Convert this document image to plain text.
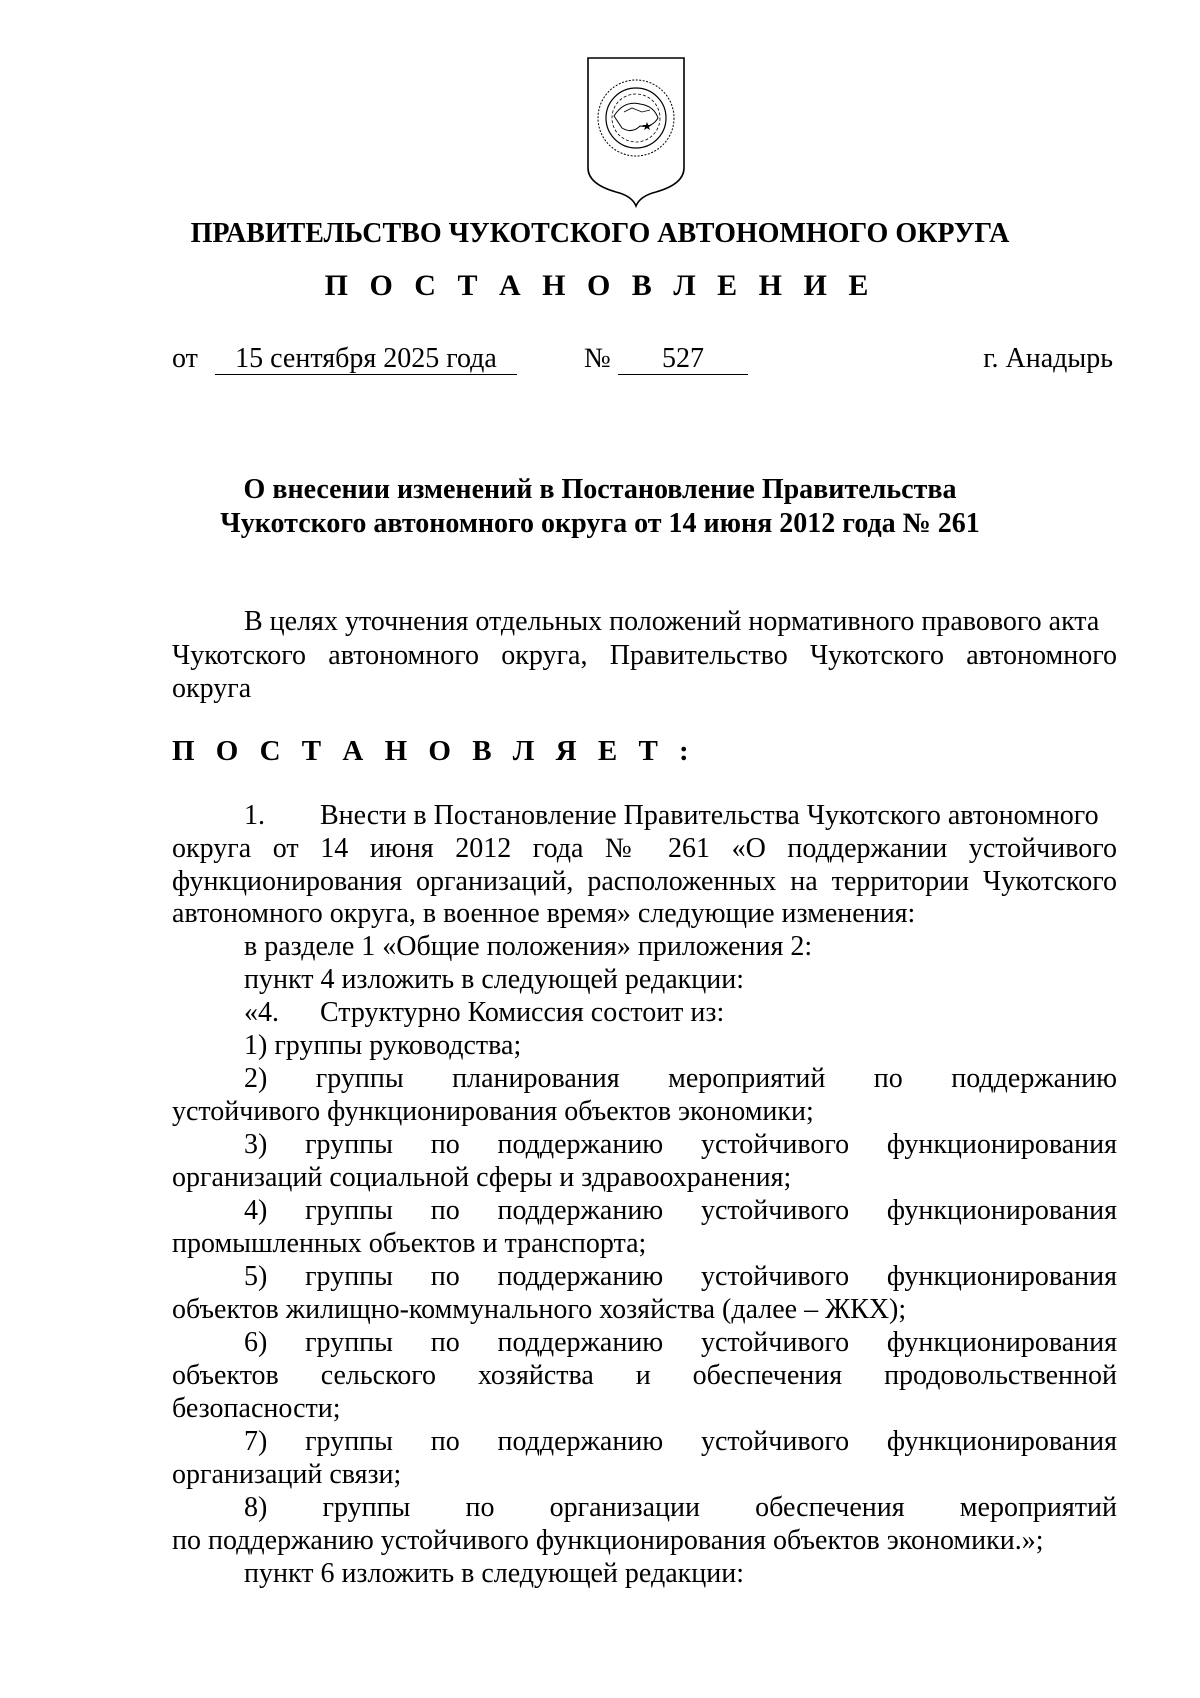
ПРАВИТЕЛЬСТВО ЧУКОТСКОГО АВТОНОМНОГО ОКРУГА
П О С Т А Н О В Л Е Н И Е
от	15 сентября 2025 года	№	527	г. Анадырь
О внесении изменений в Постановление Правительства
Чукотского автономного округа от 14 июня 2012 года № 261
В целях уточнения отдельных положений нормативного правового акта
Чукотского автономного округа, Правительство Чукотского автономного
округа
П О С Т А Н О В Л Я Е Т :
1. Внести в Постановление Правительства Чукотского автономного
округа от 14 июня 2012 года № 261 «О поддержании устойчивого
функционирования организаций, расположенных на территории Чукотского
автономного округа, в военное время» следующие изменения:
в разделе 1 «Общие положения» приложения 2:
пункт 4 изложить в следующей редакции:
«4. Структурно Комиссия состоит из:
1) группы руководства;
2) группы планирования мероприятий по поддержанию
устойчивого функционирования объектов экономики;
3) группы по поддержанию устойчивого функционирования
организаций социальной сферы и здравоохранения;
4) группы по поддержанию устойчивого функционирования
промышленных объектов и транспорта;
5) группы по поддержанию устойчивого функционирования
объектов жилищно-коммунального хозяйства (далее – ЖКХ);
6) группы по поддержанию устойчивого функционирования
объектов сельского хозяйства и обеспечения продовольственной
безопасности;
7) группы по поддержанию устойчивого функционирования
организаций связи;
8) группы по организации обеспечения мероприятий
по поддержанию устойчивого функционирования объектов экономики.»;
пункт 6 изложить в следующей редакции:
